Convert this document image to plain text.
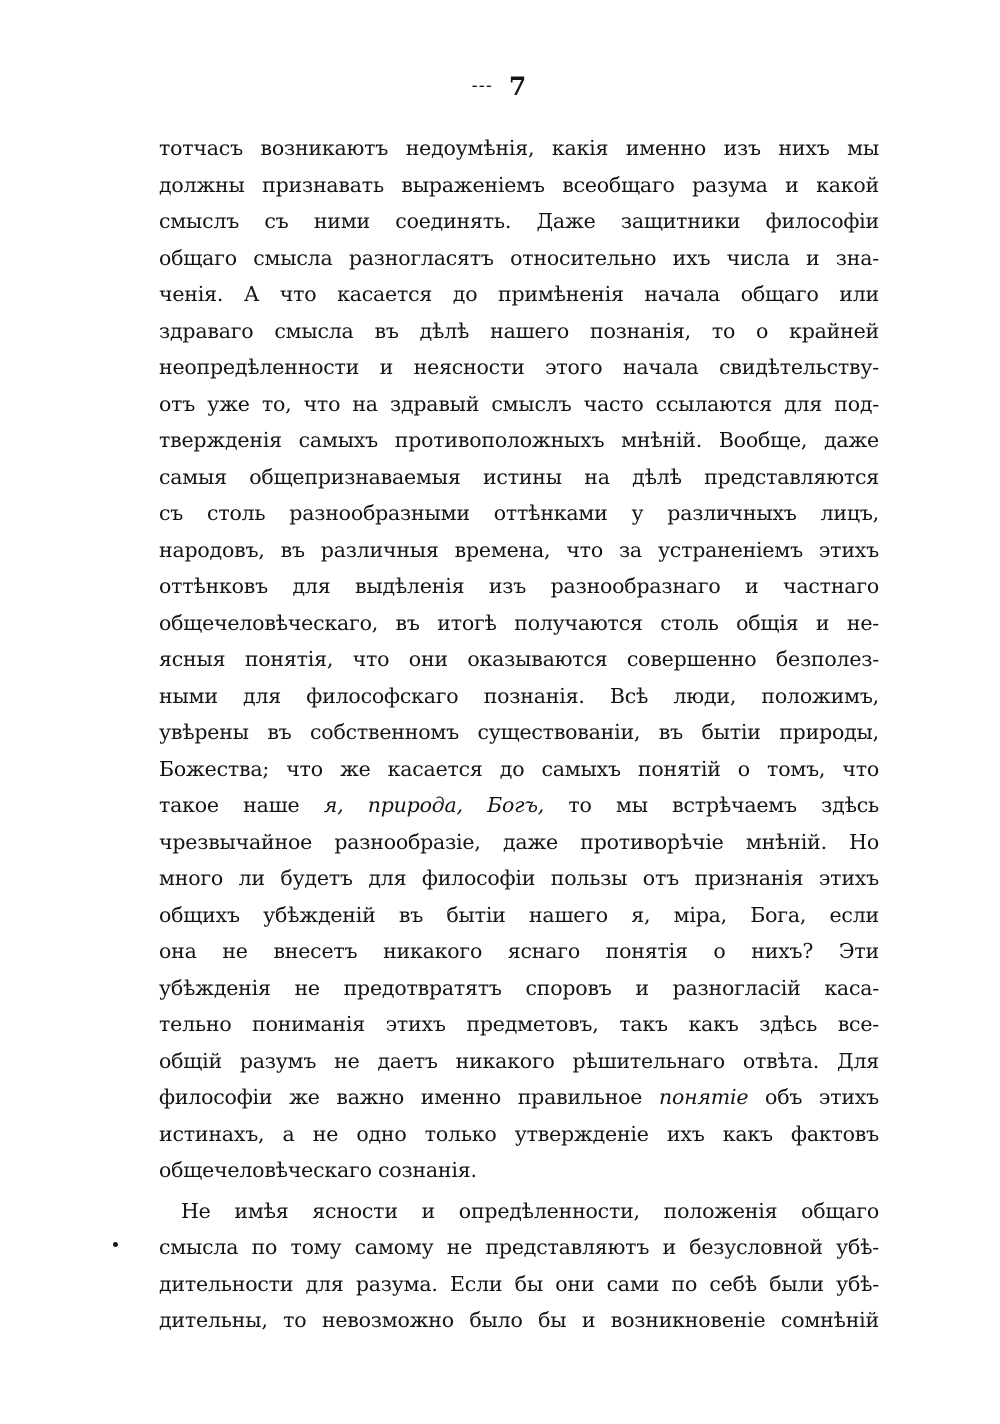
--- 7
тотчасъ возникаютъ недоумѣнія, какія именно изъ нихъ мы
должны признавать выраженіемъ всеобщаго разума и какой
смыслъ съ ними соединять. Даже защитники философіи
общаго смысла разногласятъ относительно ихъ числа и зна-
ченія. А что касается до примѣненія начала общаго или
здраваго смысла въ дѣлѣ нашего познанія, то о крайней
неопредѣленности и неясности этого начала свидѣтельству-
отъ уже то, что на здравый смыслъ часто ссылаются для под-
твержденія самыхъ противоположныхъ мнѣній. Вообще, даже
самыя общепризнаваемыя истины на дѣлѣ представляются
съ столь разнообразными оттѣнками у различныхъ лицъ,
народовъ, въ различныя времена, что за устраненіемъ этихъ
оттѣнковъ для выдѣленія изъ разнообразнаго и частнаго
общечеловѣческаго, въ итогѣ получаются столь общія и не-
ясныя понятія, что они оказываются совершенно безполез-
ными для философскаго познанія. Всѣ люди, положимъ,
увѣрены въ собственномъ существованіи, въ бытіи природы,
Божества; что же касается до самыхъ понятій о томъ, что
такое наше я, природа, Богъ, то мы встрѣчаемъ здѣсь
чрезвычайное разнообразіе, даже противорѣчіе мнѣній. Но
много ли будетъ для философіи пользы отъ признанія этихъ
общихъ убѣжденій въ бытіи нашего я, міра, Бога, если
она не внесетъ никакого яснаго понятія о нихъ? Эти
убѣжденія не предотвратятъ споровъ и разногласій каса-
тельно пониманія этихъ предметовъ, такъ какъ здѣсь все-
общій разумъ не даетъ никакого рѣшительнаго отвѣта. Для
философіи же важно именно правильное понятіе объ этихъ
истинахъ, а не одно только утвержденіе ихъ какъ фактовъ
общечеловѣческаго сознанія.
Не имѣя ясности и опредѣленности, положенія общаго
смысла по тому самому не представляютъ и безусловной убѣ-
дительности для разума. Если бы они сами по себѣ были убѣ-
дительны, то невозможно было бы и возникновеніе сомнѣній
